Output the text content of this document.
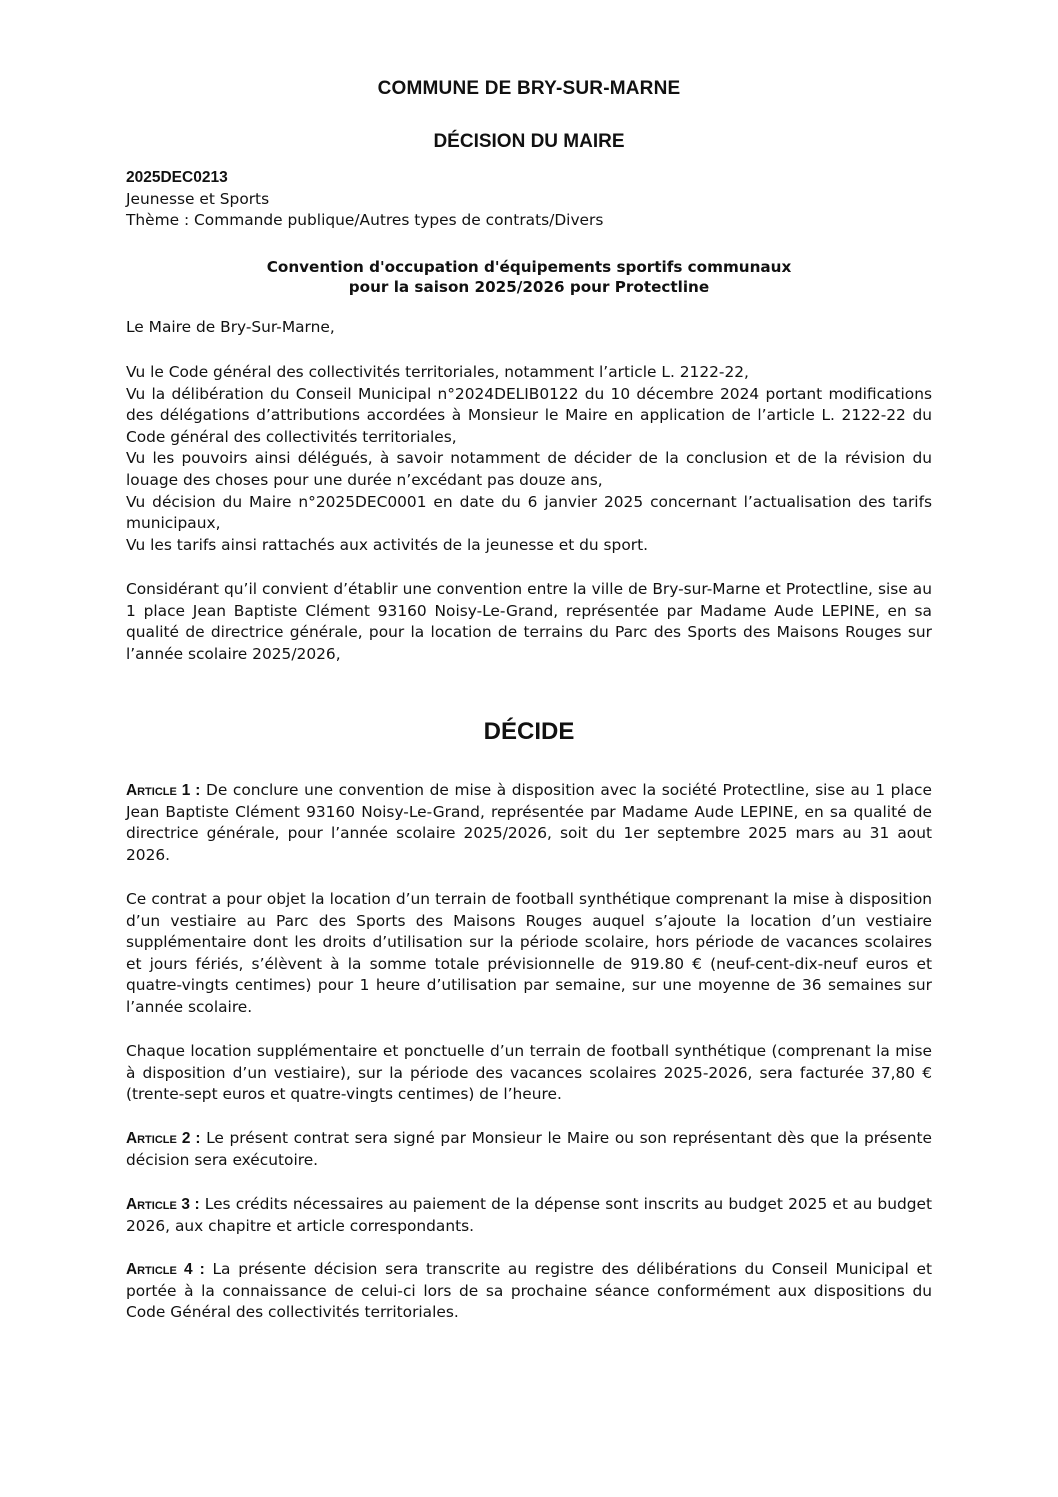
COMMUNE DE BRY-SUR-MARNE
DÉCISION DU MAIRE
2025DEC0213
Jeunesse et Sports
Thème : Commande publique/Autres types de contrats/Divers
Convention d'occupation d'équipements sportifs communaux
pour la saison 2025/2026 pour Protectline
Le Maire de Bry-Sur-Marne,
Vu le Code général des collectivités territoriales, notamment l’article L. 2122-22,
Vu la délibération du Conseil Municipal n°2024DELIB0122 du 10 décembre 2024 portant modifications des délégations d’attributions accordées à Monsieur le Maire en application de l’article L. 2122-22 du Code général des collectivités territoriales,
Vu les pouvoirs ainsi délégués, à savoir notamment de décider de la conclusion et de la révision du louage des choses pour une durée n’excédant pas douze ans,
Vu décision du Maire n°2025DEC0001 en date du 6 janvier 2025 concernant l’actualisation des tarifs municipaux,
Vu les tarifs ainsi rattachés aux activités de la jeunesse et du sport.
Considérant qu’il convient d’établir une convention entre la ville de Bry-sur-Marne et Protectline, sise au 1 place Jean Baptiste Clément 93160 Noisy-Le-Grand, représentée par Madame Aude LEPINE, en sa qualité de directrice générale, pour la location de terrains du Parc des Sports des Maisons Rouges sur l’année scolaire 2025/2026,
DÉCIDE
Article 1 : De conclure une convention de mise à disposition avec la société Protectline, sise au 1 place Jean Baptiste Clément 93160 Noisy-Le-Grand, représentée par Madame Aude LEPINE, en sa qualité de directrice générale, pour l’année scolaire 2025/2026, soit du 1er septembre 2025 mars au 31 aout 2026.
Ce contrat a pour objet la location d’un terrain de football synthétique comprenant la mise à disposition d’un vestiaire au Parc des Sports des Maisons Rouges auquel s’ajoute la location d’un vestiaire supplémentaire dont les droits d’utilisation sur la période scolaire, hors période de vacances scolaires et jours fériés, s’élèvent à la somme totale prévisionnelle de 919.80 € (neuf-cent-dix-neuf euros et quatre-vingts centimes) pour 1 heure d’utilisation par semaine, sur une moyenne de 36 semaines sur l’année scolaire.
Chaque location supplémentaire et ponctuelle d’un terrain de football synthétique (comprenant la mise à disposition d’un vestiaire), sur la période des vacances scolaires 2025-2026, sera facturée 37,80 € (trente-sept euros et quatre-vingts centimes) de l’heure.
Article 2 : Le présent contrat sera signé par Monsieur le Maire ou son représentant dès que la présente décision sera exécutoire.
Article 3 : Les crédits nécessaires au paiement de la dépense sont inscrits au budget 2025 et au budget 2026, aux chapitre et article correspondants.
Article 4 : La présente décision sera transcrite au registre des délibérations du Conseil Municipal et portée à la connaissance de celui-ci lors de sa prochaine séance conformément aux dispositions du Code Général des collectivités territoriales.
